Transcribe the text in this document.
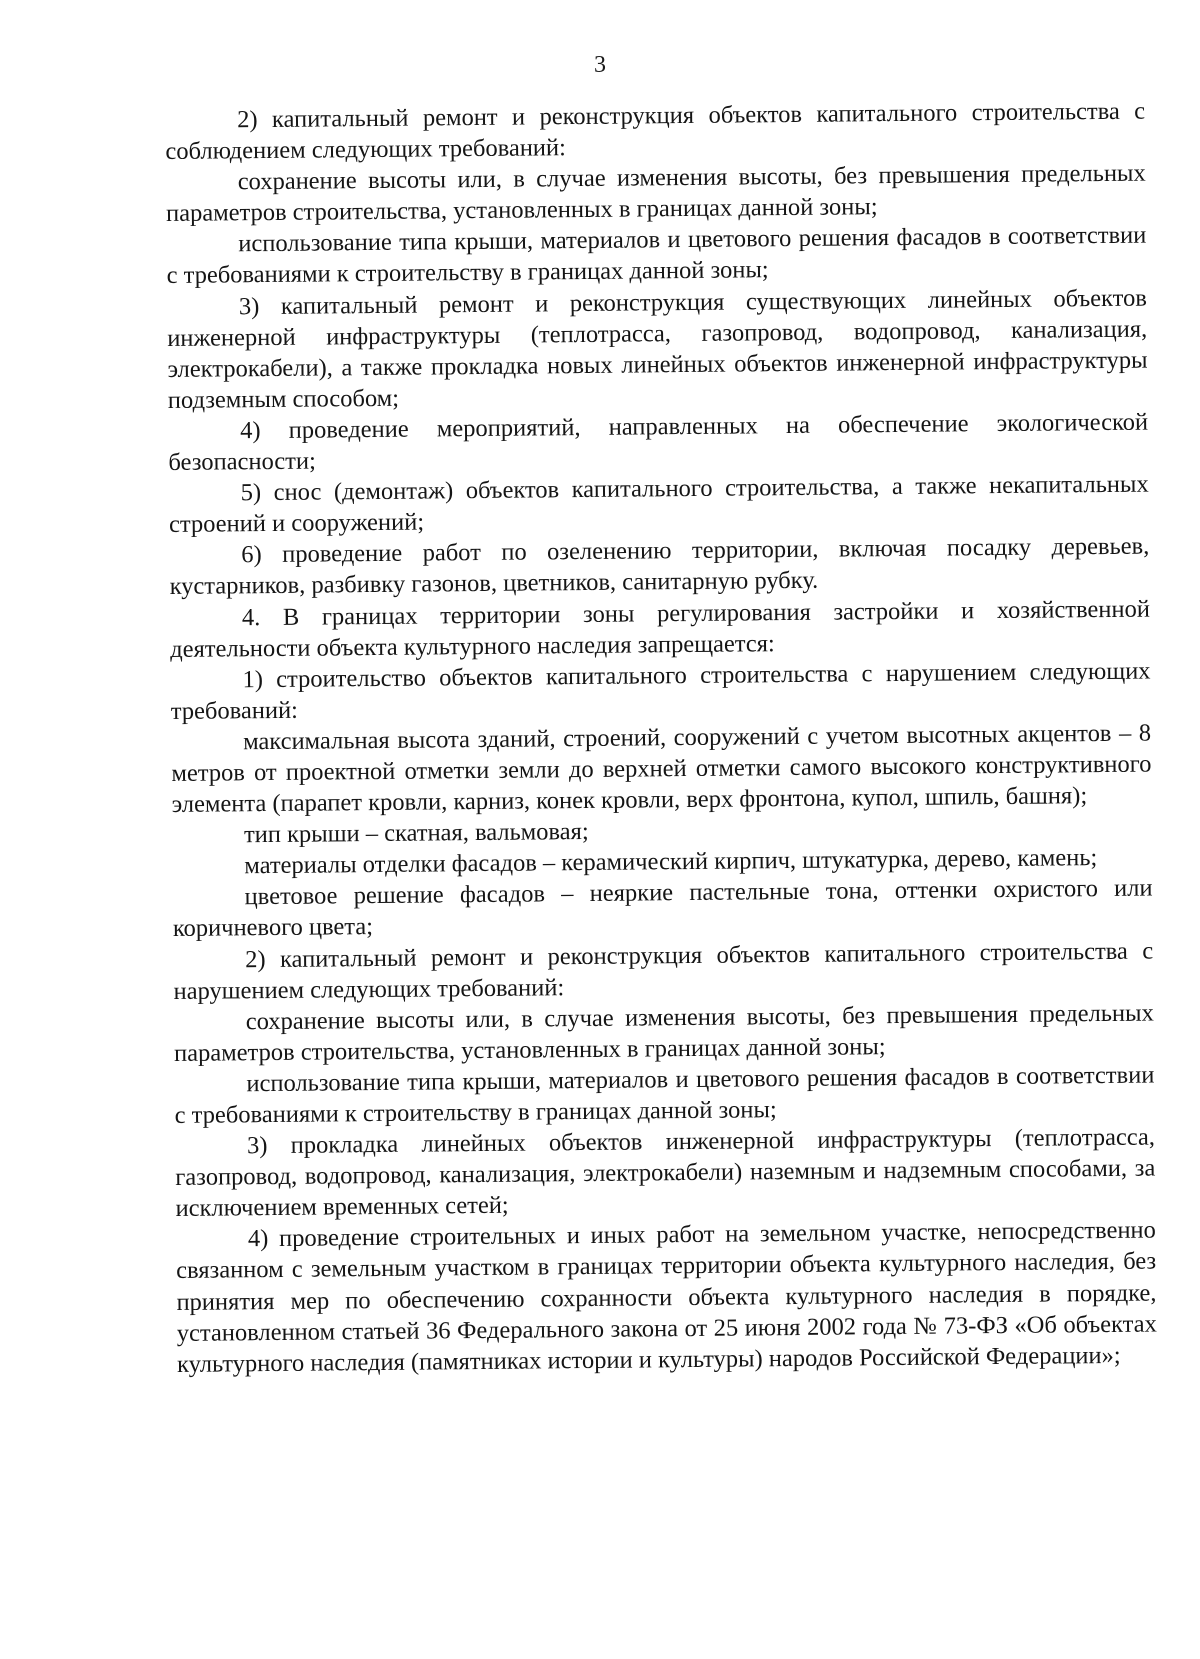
3

2) капитальный ремонт и реконструкция объектов капитального строительства с соблюдением следующих требований:

сохранение высоты или, в случае изменения высоты, без превышения предельных параметров строительства, установленных в границах данной зоны;

использование типа крыши, материалов и цветового решения фасадов в соответствии с требованиями к строительству в границах данной зоны;

3) капитальный ремонт и реконструкция существующих линейных объектов инженерной инфраструктуры (теплотрасса, газопровод, водопровод, канализация, электрокабели), а также прокладка новых линейных объектов инженерной инфраструктуры подземным способом;

4) проведение мероприятий, направленных на обеспечение экологической безопасности;

5) снос (демонтаж) объектов капитального строительства, а также некапитальных строений и сооружений;

6) проведение работ по озеленению территории, включая посадку деревьев, кустарников, разбивку газонов, цветников, санитарную рубку.

4. В границах территории зоны регулирования застройки и хозяйственной деятельности объекта культурного наследия запрещается:

1) строительство объектов капитального строительства с нарушением следующих требований:

максимальная высота зданий, строений, сооружений с учетом высотных акцентов – 8 метров от проектной отметки земли до верхней отметки самого высокого конструктивного элемента (парапет кровли, карниз, конек кровли, верх фронтона, купол, шпиль, башня);

тип крыши – скатная, вальмовая;

материалы отделки фасадов – керамический кирпич, штукатурка, дерево, камень;

цветовое решение фасадов – неяркие пастельные тона, оттенки охристого или коричневого цвета;

2) капитальный ремонт и реконструкция объектов капитального строительства с нарушением следующих требований:

сохранение высоты или, в случае изменения высоты, без превышения предельных параметров строительства, установленных в границах данной зоны;

использование типа крыши, материалов и цветового решения фасадов в соответствии с требованиями к строительству в границах данной зоны;

3) прокладка линейных объектов инженерной инфраструктуры (теплотрасса, газопровод, водопровод, канализация, электрокабели) наземным и надземным способами, за исключением временных сетей;

4) проведение строительных и иных работ на земельном участке, непосредственно связанном с земельным участком в границах территории объекта культурного наследия, без принятия мер по обеспечению сохранности объекта культурного наследия в порядке, установленном статьей 36 Федерального закона от 25 июня 2002 года № 73-ФЗ «Об объектах культурного наследия (памятниках истории и культуры) народов Российской Федерации»;
